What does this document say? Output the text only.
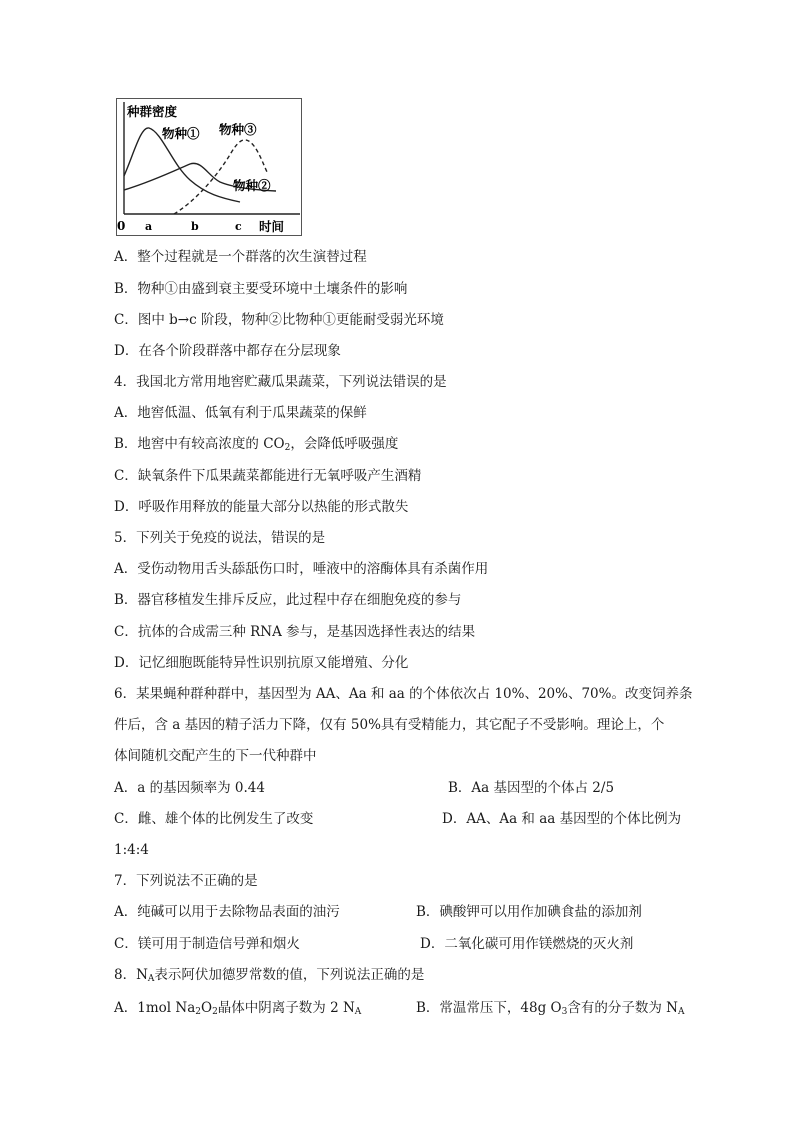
种群密度
物种① 物种③
物种②
0 a	b	c 时间
A．整个过程就是一个群落的次生演替过程
B．物种①由盛到衰主要受环境中土壤条件的影响
C．图中 b→c 阶段，物种②比物种①更能耐受弱光环境
D．在各个阶段群落中都存在分层现象
4．我国北方常用地窖贮藏瓜果蔬菜，下列说法错误的是
A．地窖低温、低氧有利于瓜果蔬菜的保鲜
B．地窖中有较高浓度的 $CO_2$，会降低呼吸强度
C．缺氧条件下瓜果蔬菜都能进行无氧呼吸产生酒精
D．呼吸作用释放的能量大部分以热能的形式散失
5．下列关于免疫的说法，错误的是
A．受伤动物用舌头舔舐伤口时，唾液中的溶酶体具有杀菌作用
B．器官移植发生排斥反应，此过程中存在细胞免疫的参与
C．抗体的合成需三种 RNA 参与，是基因选择性表达的结果
D．记忆细胞既能特异性识别抗原又能增殖、分化
6．某果蝇种群种群中，基因型为 AA、Aa 和 aa 的个体依次占 10%、20%、70%。改变饲养条
件后，含 a 基因的精子活力下降，仅有 50%具有受精能力，其它配子不受影响。理论上，个
体间随机交配产生的下一代种群中
A．a 的基因频率为 0.44	B．Aa 基因型的个体占 2/5
C．雌、雄个体的比例发生了改变	D．AA、Aa 和 aa 基因型的个体比例为
1:4:4
7．下列说法不正确的是
A．纯碱可以用于去除物品表面的油污	B．碘酸钾可以用作加碘食盐的添加剂
C．镁可用于制造信号弹和烟火	D．二氧化碳可用作镁燃烧的灭火剂
8．$N_A$表示阿伏加德罗常数的值，下列说法正确的是
A．1mol $Na_2O_2$晶体中阴离子数为 2 $N_A$	B．常温常压下，48g $O_3$含有的分子数为 $N_A$
